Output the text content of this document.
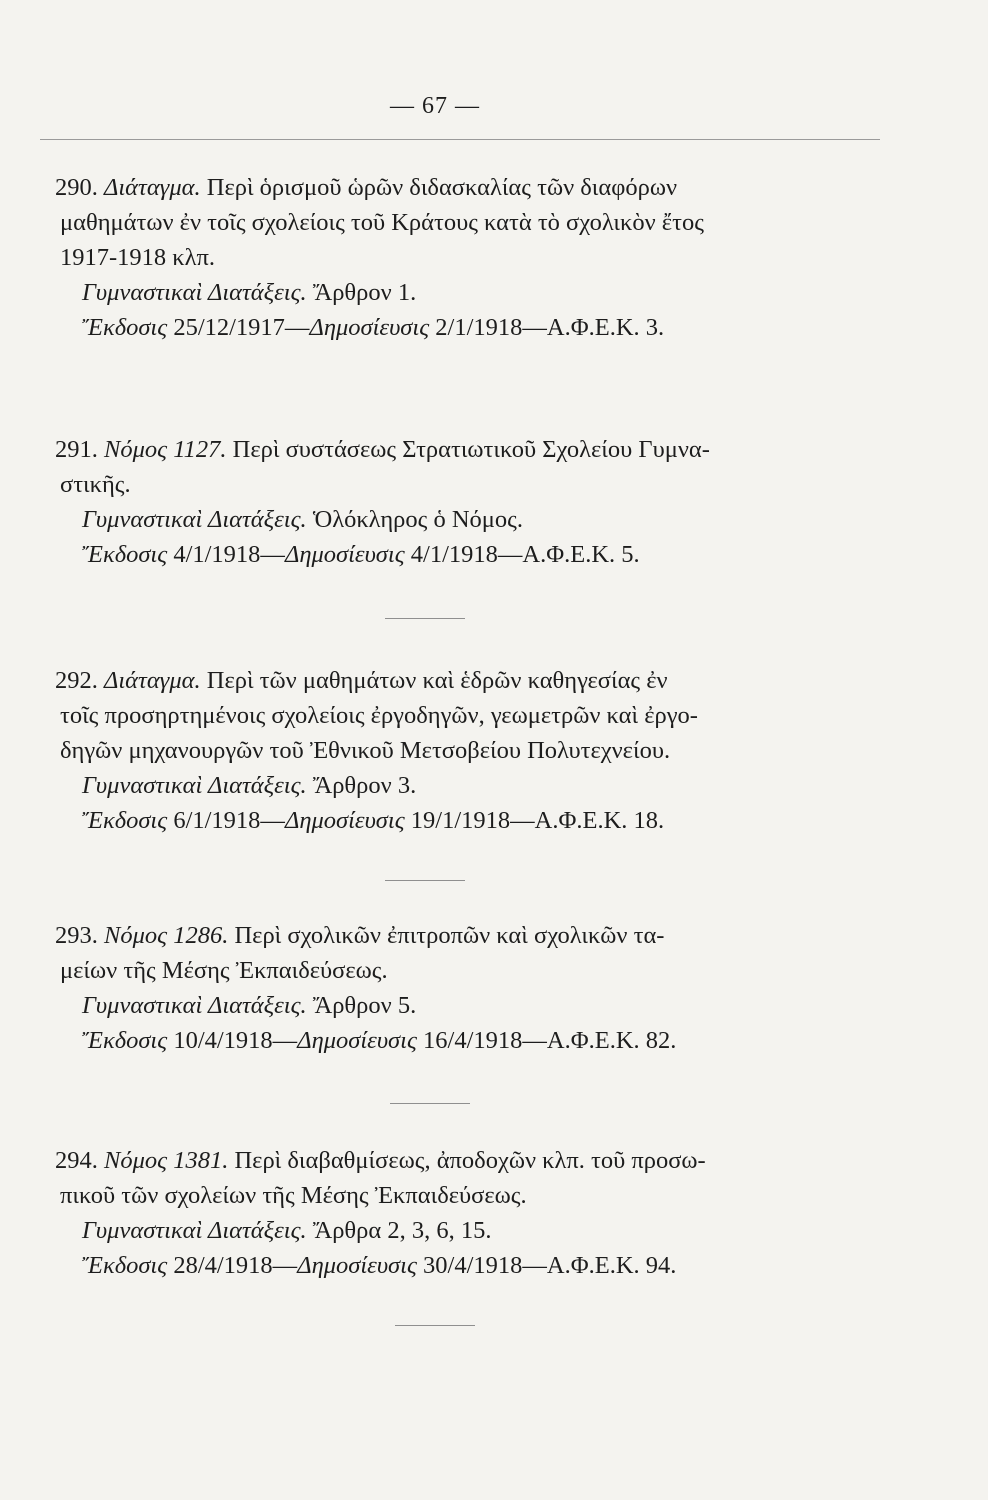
— 67 —
290. Διάταγμα. Περὶ ὁρισμοῦ ὡρῶν διδασκαλίας τῶν διαφόρων
μαθημάτων ἐν τοῖς σχολείοις τοῦ Κράτους κατὰ τὸ σχολικὸν ἔτος
1917-1918 κλπ.
Γυμναστικαὶ Διατάξεις. Ἄρθρον 1.
Ἔκδοσις 25/12/1917—Δημοσίευσις 2/1/1918—Α.Φ.Ε.Κ. 3.
291. Νόμος 1127. Περὶ συστάσεως Στρατιωτικοῦ Σχολείου Γυμνα-
στικῆς.
Γυμναστικαὶ Διατάξεις. Ὁλόκληρος ὁ Νόμος.
Ἔκδοσις 4/1/1918—Δημοσίευσις 4/1/1918—Α.Φ.Ε.Κ. 5.
292. Διάταγμα. Περὶ τῶν μαθημάτων καὶ ἑδρῶν καθηγεσίας ἐν
τοῖς προσηρτημένοις σχολείοις ἐργοδηγῶν, γεωμετρῶν καὶ ἐργο-
δηγῶν μηχανουργῶν τοῦ Ἐθνικοῦ Μετσοβείου Πολυτεχνείου.
Γυμναστικαὶ Διατάξεις. Ἄρθρον 3.
Ἔκδοσις 6/1/1918—Δημοσίευσις 19/1/1918—Α.Φ.Ε.Κ. 18.
293. Νόμος 1286. Περὶ σχολικῶν ἐπιτροπῶν καὶ σχολικῶν τα-
μείων τῆς Μέσης Ἐκπαιδεύσεως.
Γυμναστικαὶ Διατάξεις. Ἄρθρον 5.
Ἔκδοσις 10/4/1918—Δημοσίευσις 16/4/1918—Α.Φ.Ε.Κ. 82.
294. Νόμος 1381. Περὶ διαβαθμίσεως, ἀποδοχῶν κλπ. τοῦ προσω-
πικοῦ τῶν σχολείων τῆς Μέσης Ἐκπαιδεύσεως.
Γυμναστικαὶ Διατάξεις. Ἄρθρα 2, 3, 6, 15.
Ἔκδοσις 28/4/1918—Δημοσίευσις 30/4/1918—Α.Φ.Ε.Κ. 94.
